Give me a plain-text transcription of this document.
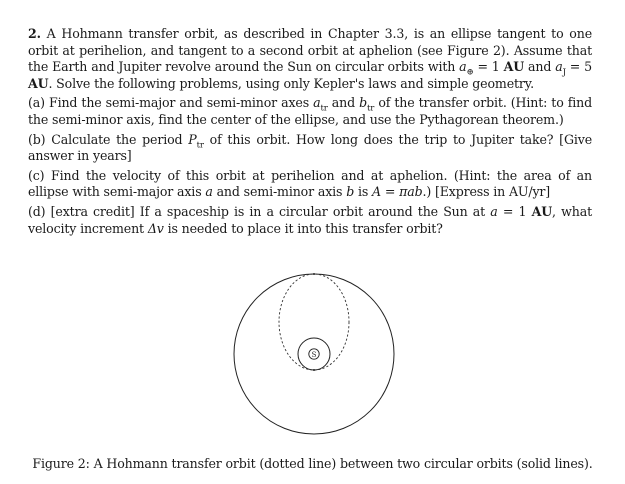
2. A Hohmann transfer orbit, as described in Chapter 3.3, is an ellipse tangent to one orbit at perihelion, and tangent to a second orbit at aphelion (see Figure 2). Assume that the Earth and Jupiter revolve around the Sun on circular orbits with $a_\oplus = 1$ AU and $a_J = 5$ AU. Solve the following problems, using only Kepler's laws and simple geometry.

(a) Find the semi-major and semi-minor axes $a_{tr}$ and $b_{tr}$ of the transfer orbit. (Hint: to find the semi-minor axis, find the center of the ellipse, and use the Pythagorean theorem.)

(b) Calculate the period $P_{tr}$ of this orbit. How long does the trip to Jupiter take? [Give answer in years]

(c) Find the velocity of this orbit at perihelion and at aphelion. (Hint: the area of an ellipse with semi-major axis a and semi-minor axis b is A = πab.) [Express in AU/yr]

(d) [extra credit] If a spaceship is in a circular orbit around the Sun at a = 1 AU, what velocity increment Δv is needed to place it into this transfer orbit?

S
Figure 2: A Hohmann transfer orbit (dotted line) between two circular orbits (solid lines).
